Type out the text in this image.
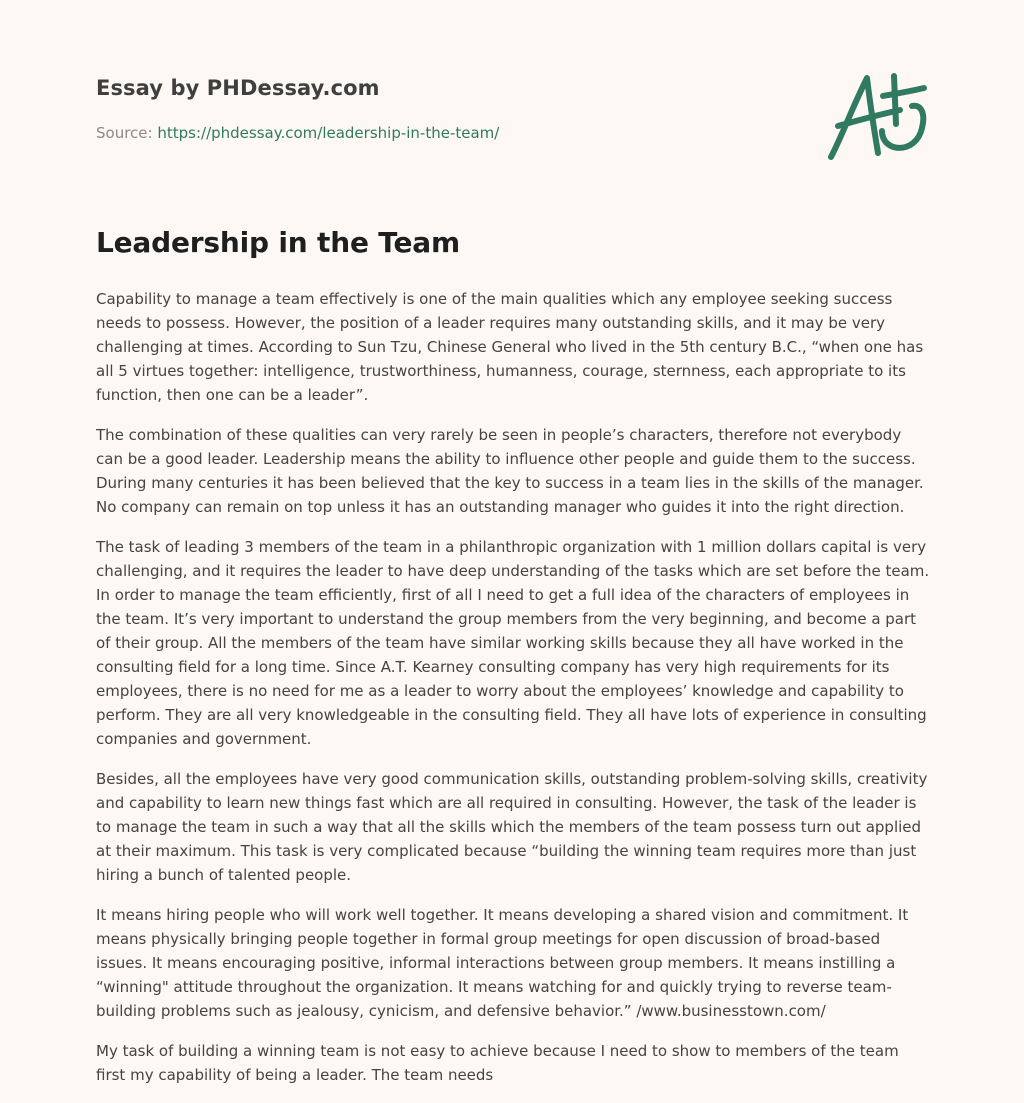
Essay by PHDessay.com
Source: https://phdessay.com/leadership-in-the-team/
Leadership in the Team

Capability to manage a team effectively is one of the main qualities which any employee seeking success needs to possess. However, the position of a leader requires many outstanding skills, and it may be very challenging at times. According to Sun Tzu, Chinese General who lived in the 5th century B.C., “when one has all 5 virtues together: intelligence, trustworthiness, humanness, courage, sternness, each appropriate to its function, then one can be a leader”.

The combination of these qualities can very rarely be seen in people’s characters, therefore not everybody can be a good leader. Leadership means the ability to influence other people and guide them to the success. During many centuries it has been believed that the key to success in a team lies in the skills of the manager. No company can remain on top unless it has an outstanding manager who guides it into the right direction.

The task of leading 3 members of the team in a philanthropic organization with 1 million dollars capital is very challenging, and it requires the leader to have deep understanding of the tasks which are set before the team. In order to manage the team efficiently, first of all I need to get a full idea of the characters of employees in the team. It’s very important to understand the group members from the very beginning, and become a part of their group. All the members of the team have similar working skills because they all have worked in the consulting field for a long time. Since A.T. Kearney consulting company has very high requirements for its employees, there is no need for me as a leader to worry about the employees’ knowledge and capability to perform. They are all very knowledgeable in the consulting field. They all have lots of experience in consulting companies and government.

Besides, all the employees have very good communication skills, outstanding problem-solving skills, creativity and capability to learn new things fast which are all required in consulting. However, the task of the leader is to manage the team in such a way that all the skills which the members of the team possess turn out applied at their maximum. This task is very complicated because “building the winning team requires more than just hiring a bunch of talented people.

It means hiring people who will work well together. It means developing a shared vision and commitment. It means physically bringing people together in formal group meetings for open discussion of broad-based issues. It means encouraging positive, informal interactions between group members. It means instilling a “winning" attitude throughout the organization. It means watching for and quickly trying to reverse team-building problems such as jealousy, cynicism, and defensive behavior.” /www.businesstown.com/

My task of building a winning team is not easy to achieve because I need to show to members of the team first my capability of being a leader. The team needs
